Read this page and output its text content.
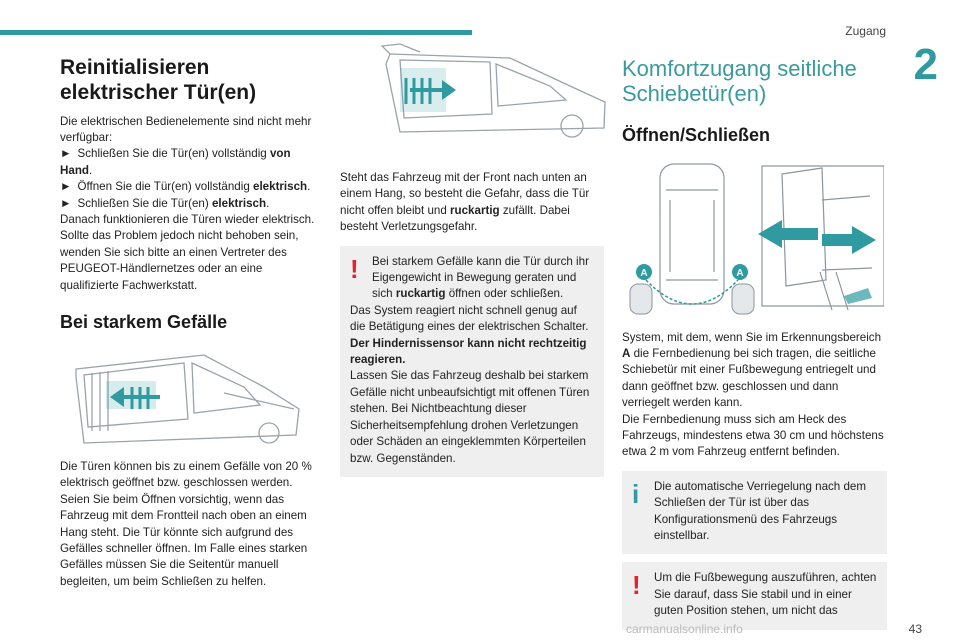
Zugang
2
Reinitialisieren elektrischer Tür(en)

Die elektrischen Bedienelemente sind nicht mehr verfügbar:

► Schließen Sie die Tür(en) vollständig von Hand.
► Öffnen Sie die Tür(en) vollständig elektrisch.
► Schließen Sie die Tür(en) elektrisch.

Danach funktionieren die Türen wieder elektrisch. Sollte das Problem jedoch nicht behoben sein, wenden Sie sich bitte an einen Vertreter des PEUGEOT-Händlernetzes oder an eine qualifizierte Fachwerkstatt.

Bei starkem Gefälle

Die Türen können bis zu einem Gefälle von 20 % elektrisch geöffnet bzw. geschlossen werden. Seien Sie beim Öffnen vorsichtig, wenn das Fahrzeug mit dem Frontteil nach oben an einem Hang steht. Die Tür könnte sich aufgrund des Gefälles schneller öffnen. Im Falle eines starken Gefälles müssen Sie die Seitentür manuell begleiten, um beim Schließen zu helfen.

Steht das Fahrzeug mit der Front nach unten an einem Hang, so besteht die Gefahr, dass die Tür nicht offen bleibt und ruckartig zufällt. Dabei besteht Verletzungsgefahr.

!	Bei starkem Gefälle kann die Tür durch ihr Eigengewicht in Bewegung geraten und sich ruckartig öffnen oder schließen.

Das System reagiert nicht schnell genug auf die Betätigung eines der elektrischen Schalter.

Der Hindernissensor kann nicht rechtzeitig reagieren.

Lassen Sie das Fahrzeug deshalb bei starkem Gefälle nicht unbeaufsichtigt mit offenen Türen stehen. Bei Nichtbeachtung dieser Sicherheitsempfehlung drohen Verletzungen oder Schäden an eingeklemmten Körperteilen bzw. Gegenständen.

Komfortzugang seitliche Schiebetür(en)
Öffnen/Schließen
A	A

System, mit dem, wenn Sie im Erkennungsbereich A die Fernbedienung bei sich tragen, die seitliche Schiebetür mit einer Fußbewegung entriegelt und dann geöffnet bzw. geschlossen und dann verriegelt werden kann.

Die Fernbedienung muss sich am Heck des Fahrzeugs, mindestens etwa 30 cm und höchstens etwa 2 m vom Fahrzeug entfernt befinden.

i	Die automatische Verriegelung nach dem Schließen der Tür ist über das Konfigurationsmenü des Fahrzeugs einstellbar.

!	Um die Fußbewegung auszuführen, achten Sie darauf, dass Sie stabil und in einer guten Position stehen, um nicht das

carmanualsonline.info	43
